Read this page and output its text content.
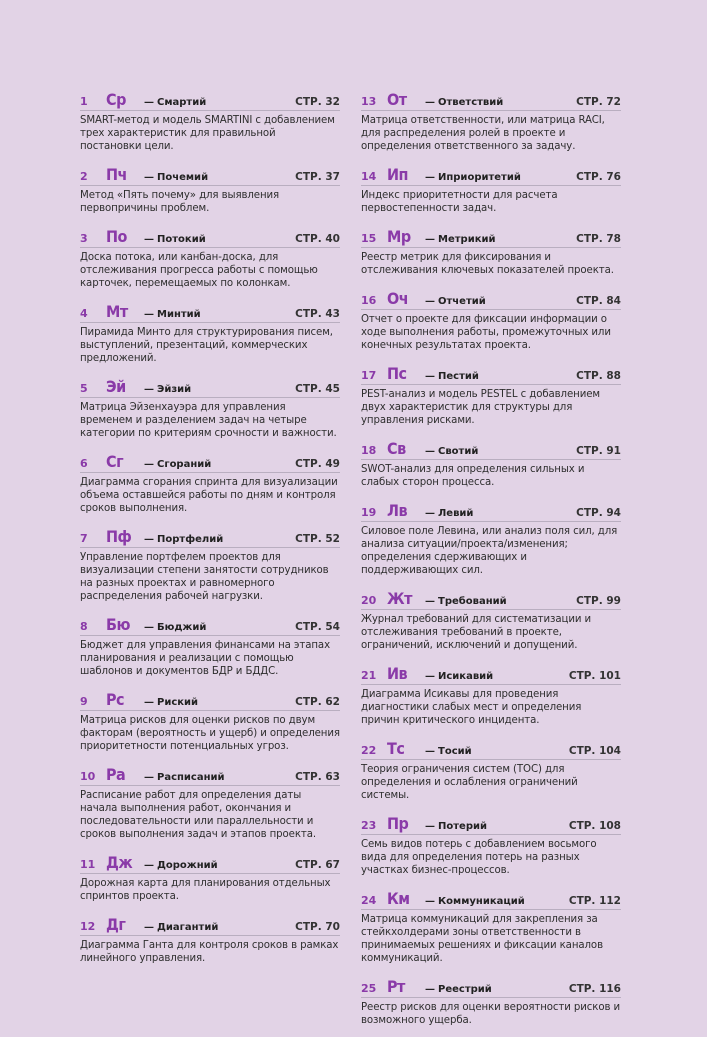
1 Ср — Смартий	СТР. 32
SMART-метод и модель SMARTINI с добавлением трех характеристик для правильной постановки цели.
2 Пч — Почемий	СТР. 37
Метод «Пять почему» для выявления первопричины проблем.
3 По — Потокий	СТР. 40
Доска потока, или канбан-доска, для отслеживания прогресса работы с помощью карточек, перемещаемых по колонкам.
4 Мт — Минтий	СТР. 43
Пирамида Минто для структурирования писем, выступлений, презентаций, коммерческих предложений.
5 Эй — Эйзий	СТР. 45
Матрица Эйзенхауэра для управления временем и разделением задач на четыре категории по критериям срочности и важности.
6 Сг — Сгораний	СТР. 49
Диаграмма сгорания спринта для визуализации объема оставшейся работы по дням и контроля сроков выполнения.
7 Пф — Портфелий	СТР. 52
Управление портфелем проектов для визуализации степени занятости сотрудников на разных проектах и равномерного распределения рабочей нагрузки.
8 Бю — Бюджий	СТР. 54
Бюджет для управления финансами на этапах планирования и реализации с помощью шаблонов и документов БДР и БДДС.
9 Рс — Риский	СТР. 62
Матрица рисков для оценки рисков по двум факторам (вероятность и ущерб) и определения приоритетности потенциальных угроз.
10 Ра — Расписаний	СТР. 63
Расписание работ для определения даты начала выполнения работ, окончания и последовательности или параллельности и сроков выполнения задач и этапов проекта.
11 Дж — Дорожний	СТР. 67
Дорожная карта для планирования отдельных спринтов проекта.
12 Дг — Диагантий	СТР. 70
Диаграмма Ганта для контроля сроков в рамках линейного управления.
13 От — Ответствий	СТР. 72
Матрица ответственности, или матрица RACI, для распределения ролей в проекте и определения ответственного за задачу.
14 Ип — Иприоритетий	СТР. 76
Индекс приоритетности для расчета первостепенности задач.
15 Мр — Метрикий	СТР. 78
Реестр метрик для фиксирования и отслеживания ключевых показателей проекта.
16 Оч — Отчетий	СТР. 84
Отчет о проекте для фиксации информации о ходе выполнения работы, промежуточных или конечных результатах проекта.
17 Пс — Пестий	СТР. 88
PEST-анализ и модель PESTEL с добавлением двух характеристик для структуры для управления рисками.
18 Св — Свотий	СТР. 91
SWOT-анализ для определения сильных и слабых сторон процесса.
19 Лв — Левий	СТР. 94
Силовое поле Левина, или анализ поля сил, для анализа ситуации/проекта/изменения; определения сдерживающих и поддерживающих сил.
20 Жт — Требований	СТР. 99
Журнал требований для систематизации и отслеживания требований в проекте, ограничений, исключений и допущений.
21 Ив — Исикавий	СТР. 101
Диаграмма Исикавы для проведения диагностики слабых мест и определения причин критического инцидента.
22 Тс — Тосий	СТР. 104
Теория ограничения систем (TOC) для определения и ослабления ограничений системы.
23 Пр — Потерий	СТР. 108
Семь видов потерь с добавлением восьмого вида для определения потерь на разных участках бизнес-процессов.
24 Км — Коммуникаций	СТР. 112
Матрица коммуникаций для закрепления за стейкхолдерами зоны ответственности в принимаемых решениях и фиксации каналов коммуникаций.
25 Рт — Реестрий	СТР. 116
Реестр рисков для оценки вероятности рисков и возможного ущерба.
